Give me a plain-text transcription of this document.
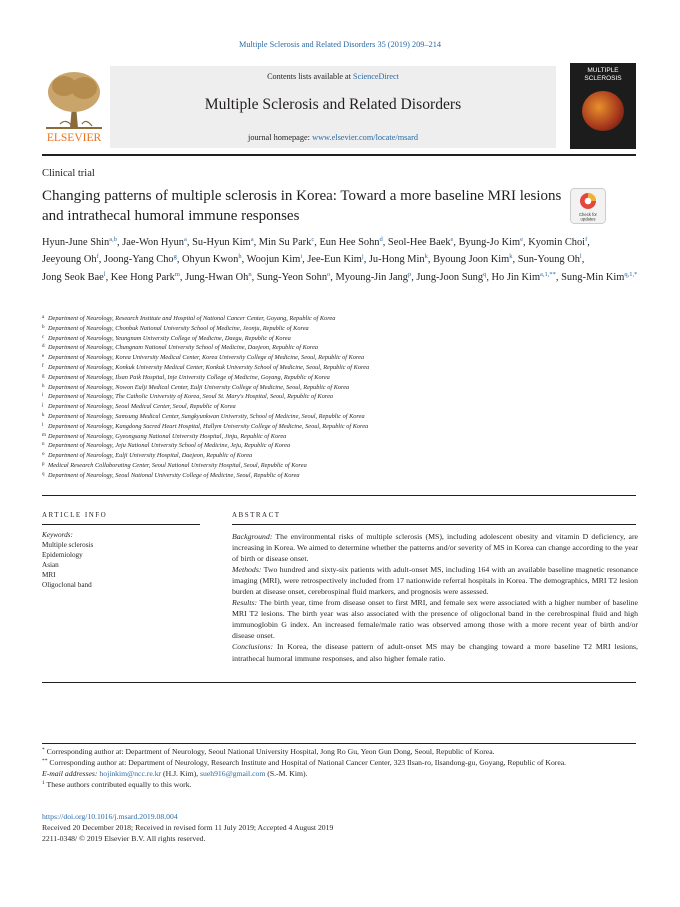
Multiple Sclerosis and Related Disorders 35 (2019) 209–214
ELSEVIER
Contents lists available at ScienceDirect
Multiple Sclerosis and Related Disorders
journal homepage: www.elsevier.com/locate/msard
MULTIPLE SCLEROSIS
Clinical trial
Changing patterns of multiple sclerosis in Korea: Toward a more baseline MRI lesions and intrathecal humoral immune responses	Check for updates
Hyun-June Shin$^{a,b}$, Jae-Won Hyun$^a$, Su-Hyun Kim$^a$, Min Su Park$^c$, Eun Hee Sohn$^d$, Seol-Hee Baek$^e$, Byung-Jo Kim$^e$, Kyomin Choi$^f$, Jeeyoung Oh$^f$, Joong-Yang Cho$^g$, Ohyun Kwon$^h$, Woojun Kim$^i$, Jee-Eun Kim$^j$, Ju-Hong Min$^k$, Byoung Joon Kim$^k$, Sun-Young Oh$^l$, Jong Seok Bae$^l$, Kee Hong Park$^m$, Jung-Hwan Oh$^n$, Sung-Yeon Sohn$^o$, Myoung-Jin Jang$^p$, Jung-Joon Sung$^q$, Ho Jin Kim$^{a,1,**}$, Sung-Min Kim$^{q,1,*}$
a Department of Neurology, Research Institute and Hospital of National Cancer Center, Goyang, Republic of Korea
b Department of Neurology, Chonbuk National University School of Medicine, Jeonju, Republic of Korea
c Department of Neurology, Yeungnam University College of Medicine, Daegu, Republic of Korea
d Department of Neurology, Chungnam National University School of Medicine, Daejeon, Republic of Korea
e Department of Neurology, Korea University Medical Center, Korea University College of Medicine, Seoul, Republic of Korea
f Department of Neurology, Konkuk University Medical Center, Konkuk University School of Medicine, Seoul, Republic of Korea
g Department of Neurology, Ilsan Paik Hospital, Inje University College of Medicine, Goyang, Republic of Korea
h Department of Neurology, Nowon Eulji Medical Center, Eulji University College of Medicine, Seoul, Republic of Korea
i Department of Neurology, The Catholic University of Korea, Seoul St. Mary's Hospital, Seoul, Republic of Korea
j Department of Neurology, Seoul Medical Center, Seoul, Republic of Korea
k Department of Neurology, Samsung Medical Center, Sungkyunkwan University, School of Medicine, Seoul, Republic of Korea
l Department of Neurology, Kangdong Sacred Heart Hospital, Hallym University College of Medicine, Seoul, Republic of Korea
m Department of Neurology, Gyeongsang National University Hospital, Jinju, Republic of Korea
n Department of Neurology, Jeju National University School of Medicine, Jeju, Republic of Korea
o Department of Neurology, Eulji University Hospital, Daejeon, Republic of Korea
p Medical Research Collaborating Center, Seoul National University Hospital, Seoul, Republic of Korea
q Department of Neurology, Seoul National University College of Medicine, Seoul, Republic of Korea
ARTICLE INFO	ABSTRACT
Keywords:
Multiple sclerosis
Epidemiology
Asian
MRI
Oligoclonal band
Background: The environmental risks of multiple sclerosis (MS), including adolescent obesity and vitamin D deficiency, are increasing in Korea. We aimed to determine whether the patterns and/or severity of MS in Korea can change according to the year of birth or disease onset.
Methods: Two hundred and sixty-six patients with adult-onset MS, including 164 with an available baseline magnetic resonance imaging (MRI), were retrospectively included from 17 nationwide referral hospitals in Korea. The demographics, MRI T2 lesion burden at disease onset, cerebrospinal fluid markers, and prognosis were assessed.
Results: The birth year, time from disease onset to first MRI, and female sex were associated with a higher number of baseline MRI T2 lesions. The birth year was also associated with the presence of oligoclonal band in the cerebrospinal fluid and high immunoglobin G index. An increased female/male ratio was observed among those with a more recent year of birth and/or disease onset.
Conclusions: In Korea, the disease pattern of adult-onset MS may be changing toward a more baseline T2 MRI lesions, intrathecal humoral immune responses, and also higher female ratio.
* Corresponding author at: Department of Neurology, Seoul National University Hospital, Jong Ro Gu, Yeon Gun Dong, Seoul, Republic of Korea.
** Corresponding author at: Department of Neurology, Research Institute and Hospital of National Cancer Center, 323 Ilsan-ro, Ilsandong-gu, Goyang, Republic of Korea.
E-mail addresses: hojinkim@ncc.re.kr (H.J. Kim), sueh916@gmail.com (S.-M. Kim).
$^1$ These authors contributed equally to this work.
https://doi.org/10.1016/j.msard.2019.08.004
Received 20 December 2018; Received in revised form 11 July 2019; Accepted 4 August 2019
2211-0348/ © 2019 Elsevier B.V. All rights reserved.
